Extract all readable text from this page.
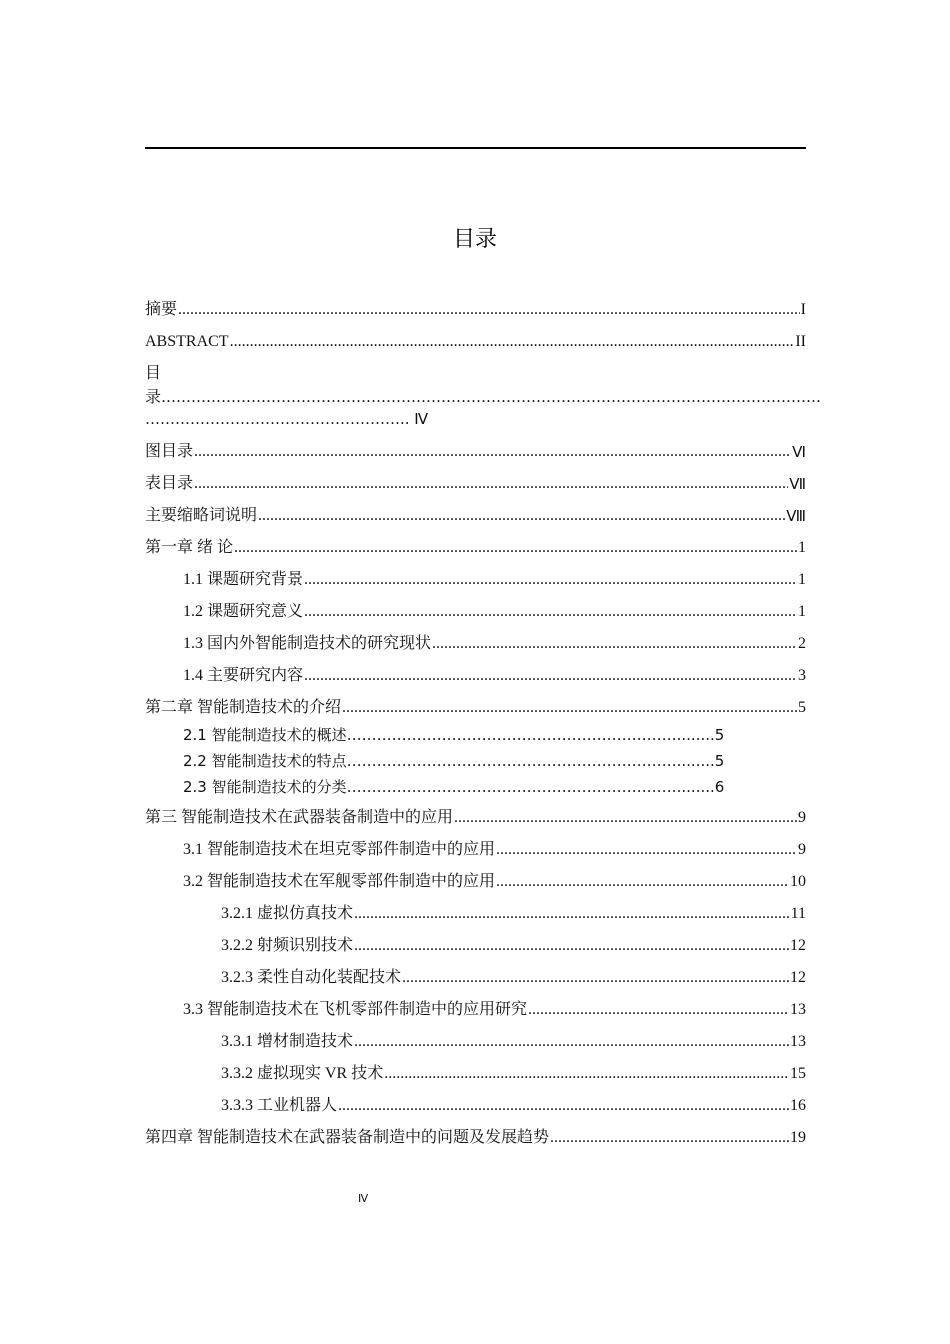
目录
摘要 .....	I
ABSTRACT .....	II
目
录……………………………………………………………………………………………………………………
…………………………………………….. Ⅳ
图目录 .....	Ⅵ
表目录 .....	Ⅶ
主要缩略词说明 .....	Ⅷ
第一章 绪 论 .....	1
1.1 课题研究背景 .....	1
1.2 课题研究意义 .....	1
1.3 国内外智能制造技术的研究现状 .....	2
1.4 主要研究内容 .....	3
第二章 智能制造技术的介绍 .....	5
2.1 智能制造技术的概述…………………………………………………………........5
2.2 智能制造技术的特点…………………………………………………………........5
2.3 智能制造技术的分类…………………………………………………………........6
第三 智能制造技术在武器装备制造中的应用 .....	9
3.1 智能制造技术在坦克零部件制造中的应用 .....	9
3.2 智能制造技术在军舰零部件制造中的应用 .....	10
3.2.1 虚拟仿真技术 .....	11
3.2.2 射频识别技术 .....	12
3.2.3 柔性自动化装配技术 .....	12
3.3 智能制造技术在飞机零部件制造中的应用研究 .....	13
3.3.1 增材制造技术 .....	13
3.3.2 虚拟现实 VR 技术 .....	15
3.3.3 工业机器人 .....	16
第四章 智能制造技术在武器装备制造中的问题及发展趋势 .....	19
Ⅳ
